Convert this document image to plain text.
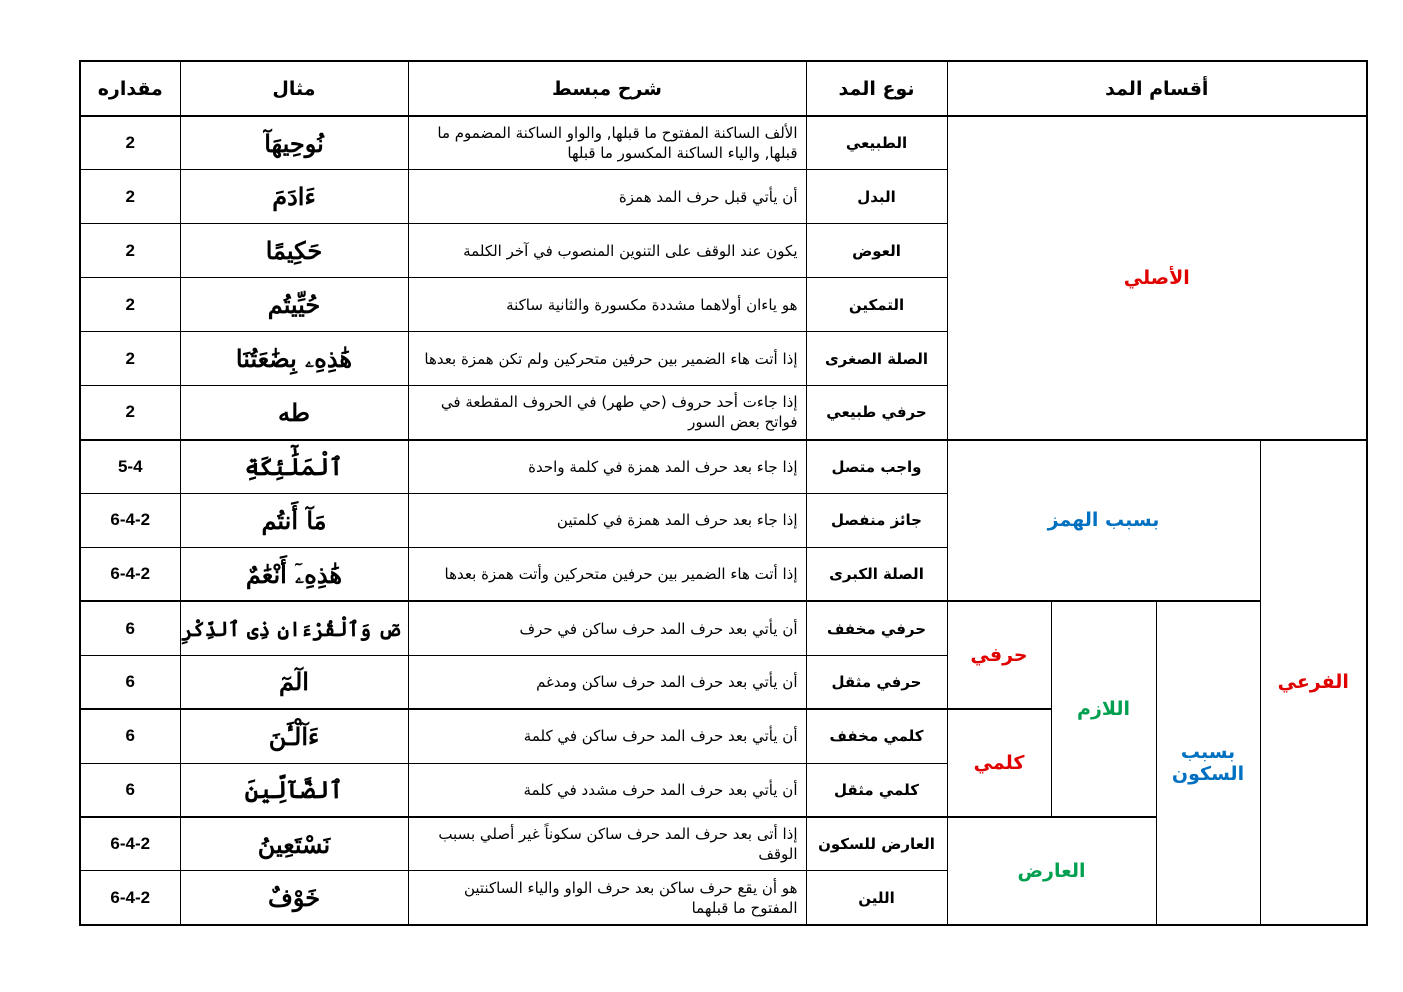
أقسام المد				نوع المد	شرح مبسط	مثال	مقداره
الأصلي				الطبيعي	الألف الساكنة المفتوح ما قبلها, والواو الساكنة المضموم ما قبلها, والياء الساكنة المكسور ما قبلها	نُوحِيهَآ	2
				البدل	أن يأتي قبل حرف المد همزة	ءَادَمَ	2
				العوض	يكون عند الوقف على التنوين المنصوب في آخر الكلمة	حَكِيمًا	2
				التمكين	هو ياءان أولاهما مشددة مكسورة والثانية ساكنة	حُيِّيتُم	2
				الصلة الصغرى	إذا أتت هاء الضمير بين حرفين متحركين ولم تكن همزة بعدها	هَٰذِهِۦ بِضَٰعَتُنَا	2
				حرفي طبيعي	إذا جاءت أحد حروف (حي طهر) في الحروف المقطعة في فواتح بعض السور	طه	2
الفرعي	بسبب الهمز			واجب متصل	إذا جاء بعد حرف المد همزة في كلمة واحدة	ٱلْمَلَٰٓئِكَةِ	5-4
				جائز منفصل	إذا جاء بعد حرف المد همزة في كلمتين	مَآ أَنتُم	6-4-2
				الصلة الكبرى	إذا أتت هاء الضمير بين حرفين متحركين وأتت همزة بعدها	هَٰذِهِۦٓ أَنْعَٰمٌ	6-4-2
	بسبب السكون	اللازم	حرفي	حرفي مخفف	أن يأتي بعد حرف المد حرف ساكن في حرف	صٓ وَٱلْقُرْءَانِ ذِى ٱلذِّكْرِ	6
				حرفي مثقل	أن يأتي بعد حرف المد حرف ساكن ومدغم	الٓمٓ	6
			كلمي	كلمي مخفف	أن يأتي بعد حرف المد حرف ساكن في كلمة	ءَآلْـَٰٔنَ	6
				كلمي مثقل	أن يأتي بعد حرف المد حرف مشدد في كلمة	ٱلضَّآلِّينَ	6
		العارض		العارض للسكون	إذا أتى بعد حرف المد حرف ساكن سكوناً غير أصلي بسبب الوقف	نَسْتَعِينُ	6-4-2
				اللين	هو أن يقع حرف ساكن بعد حرف الواو والياء الساكنتين المفتوح ما قبلهما	خَوْفٌ	6-4-2
